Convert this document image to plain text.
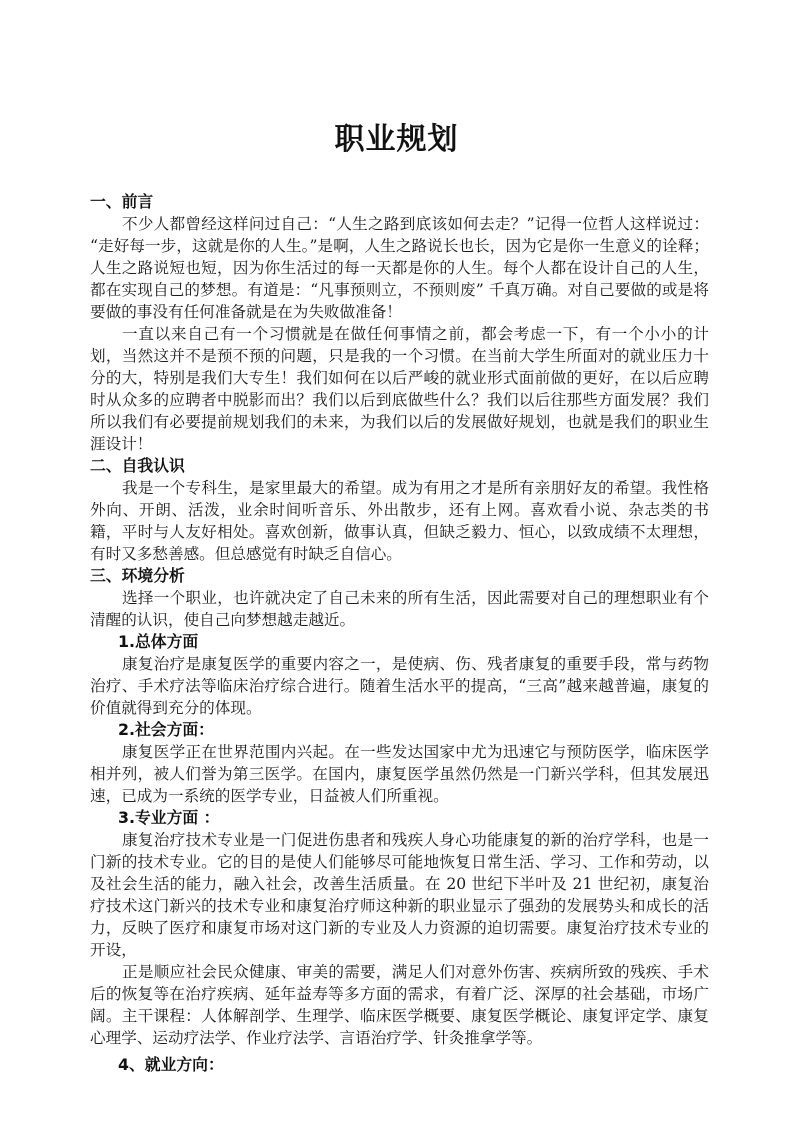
职业规划
一、前言

不少人都曾经这样问过自己：“人生之路到底该如何去走？”记得一位哲人这样说过：“走好每一步，这就是你的人生。”是啊，人生之路说长也长，因为它是你一生意义的诠释；人生之路说短也短，因为你生活过的每一天都是你的人生。每个人都在设计自己的人生，都在实现自己的梦想。有道是：“凡事预则立，不预则废” 千真万确。对自己要做的或是将要做的事没有任何准备就是在为失败做准备！

一直以来自己有一个习惯就是在做任何事情之前，都会考虑一下，有一个小小的计划，当然这并不是预不预的问题，只是我的一个习惯。在当前大学生所面对的就业压力十分的大，特别是我们大专生！我们如何在以后严峻的就业形式面前做的更好，在以后应聘时从众多的应聘者中脱影而出？我们以后到底做些什么？我们以后往那些方面发展？我们所以我们有必要提前规划我们的未来，为我们以后的发展做好规划，也就是我们的职业生涯设计！

二、自我认识

我是一个专科生，是家里最大的希望。成为有用之才是所有亲朋好友的希望。我性格外向、开朗、活泼，业余时间听音乐、外出散步，还有上网。喜欢看小说、杂志类的书籍，平时与人友好相处。喜欢创新，做事认真，但缺乏毅力、恒心，以致成绩不太理想，有时又多愁善感。但总感觉有时缺乏自信心。

三、环境分析

选择一个职业，也许就决定了自己未来的所有生活，因此需要对自己的理想职业有个清醒的认识，使自己向梦想越走越近。

1.总体方面

康复治疗是康复医学的重要内容之一，是使病、伤、残者康复的重要手段，常与药物治疗、手术疗法等临床治疗综合进行。随着生活水平的提高，“三高”越来越普遍，康复的价值就得到充分的体现。

2.社会方面：

康复医学正在世界范围内兴起。在一些发达国家中尤为迅速它与预防医学，临床医学相并列，被人们誉为第三医学。在国内，康复医学虽然仍然是一门新兴学科，但其发展迅速，已成为一系统的医学专业，日益被人们所重视。

3.专业方面 ：

康复治疗技术专业是一门促进伤患者和残疾人身心功能康复的新的治疗学科，也是一门新的技术专业。它的目的是使人们能够尽可能地恢复日常生活、学习、工作和劳动，以及社会生活的能力，融入社会，改善生活质量。在 20 世纪下半叶及 21 世纪初，康复治疗技术这门新兴的技术专业和康复治疗师这种新的职业显示了强劲的发展势头和成长的活力，反映了医疗和康复市场对这门新的专业及人力资源的迫切需要。康复治疗技术专业的开设，

正是顺应社会民众健康、审美的需要，满足人们对意外伤害、疾病所致的残疾、手术后的恢复等在治疗疾病、延年益寿等多方面的需求，有着广泛、深厚的社会基础，市场广阔。主干课程：人体解剖学、生理学、临床医学概要、康复医学概论、康复评定学、康复心理学、运动疗法学、作业疗法学、言语治疗学、针灸推拿学等。

4、就业方向：
